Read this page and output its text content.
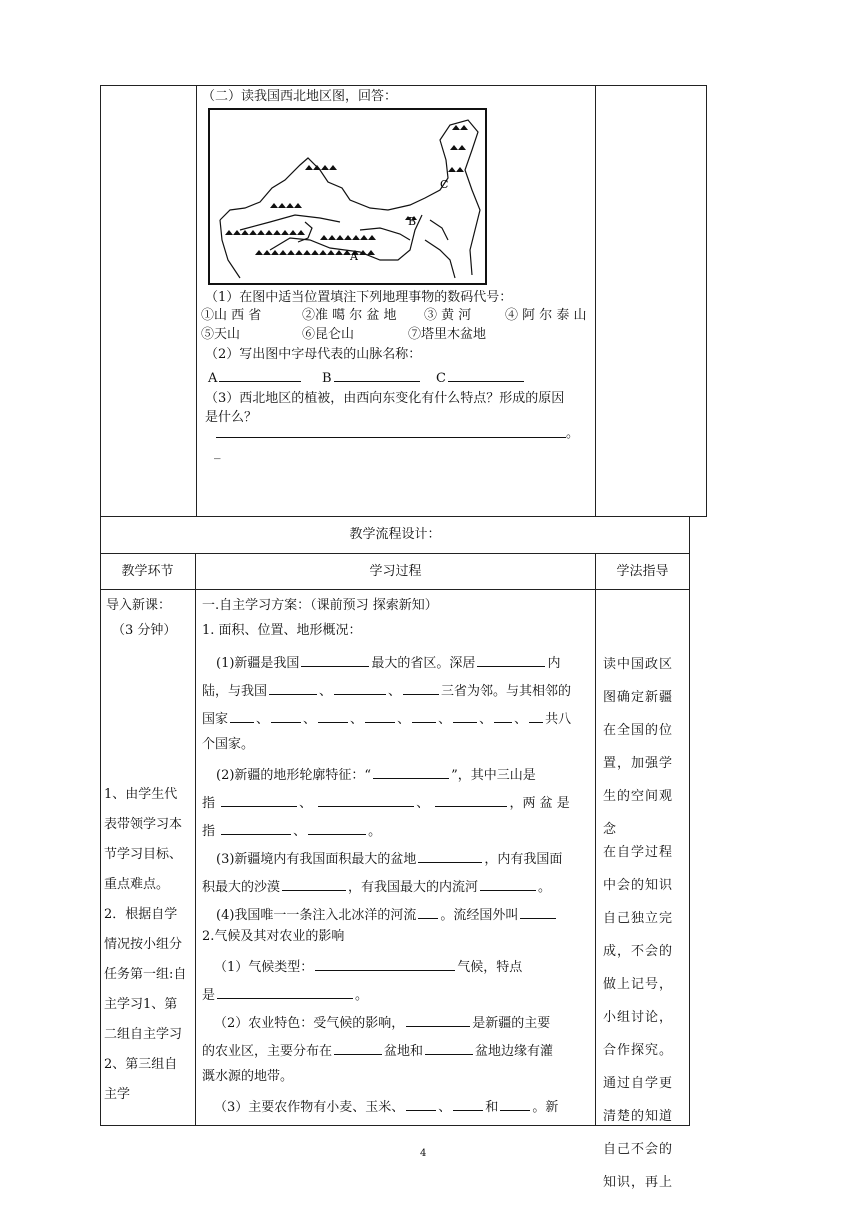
（二）读我国西北地区图，回答：
A
B
C
（1）在图中适当位置填注下列地理事物的数码代号：
①山 西 省	②准 噶 尔 盆 地 ③ 黄 河	④ 阿 尔 泰 山
⑤天山	⑥昆仑山	⑦塔里木盆地
（2）写出图中字母代表的山脉名称：
A	B	C
（3）西北地区的植被，由西向东变化有什么特点？形成的原因
是什么？
。
_
教学流程设计：
教学环节	学习过程	学法指导
导入新课：
（3 分钟）
1、由学生代表带领学习本节学习目标、重点难点。2．根据自学情况按小组分任务第一组:自主学习1、第二组自主学习2、第三组自主学
一.自主学习方案：（课前预习 探索新知）
1. 面积、位置、地形概况：
(1)新疆是我国	最大的省区。深居	内
陆，与我国	、	、	三省为邻。与其相邻的
国家 、	、	、	、 、 、 、 共八
个国家。
(2)新疆的地形轮廓特征：“	”，其中三山是
指	、	、	，两 盆 是
指	、	。
(3)新疆境内有我国面积最大的盆地	，内有我国面
积最大的沙漠	，有我国最大的内流河	。
(4)我国唯一一条注入北冰洋的河流 。流经国外叫
2.气候及其对农业的影响
（1）气候类型：	气候，特点
是	。
（2）农业特色：受气候的影响，	是新疆的主要
的农业区，主要分布在	盆地和	盆地边缘有灌
溉水源的地带。
（3）主要农作物有小麦、玉米、	、	和	。新
读中国政区图确定新疆在全国的位置，加强学生的空间观念
在自学过程中会的知识自己独立完成，不会的做上记号，小组讨论，合作探究。通过自学更清楚的知道自己不会的知识，再上
4
